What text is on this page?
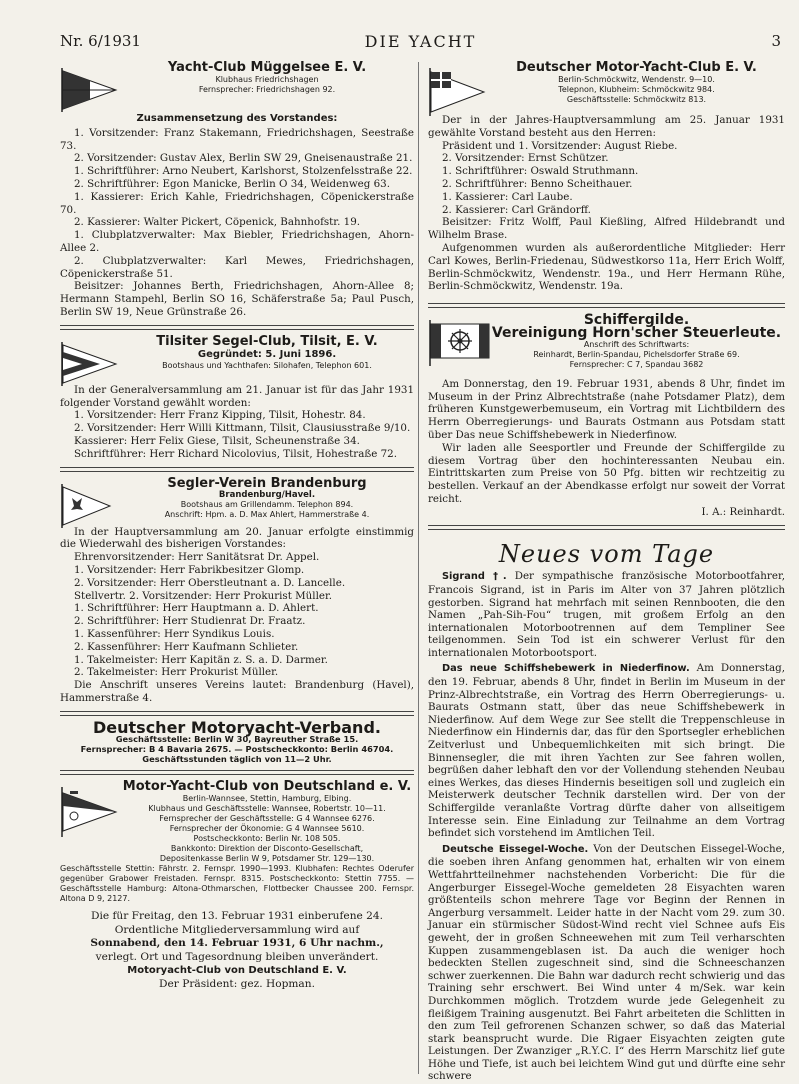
Nr. 6/1931	DIE YACHT	3
Yacht-Club Müggelsee E. V.
Klubhaus Friedrichshagen
Fernsprecher: Friedrichshagen 92.
Zusammensetzung des Vorstandes:

1. Vorsitzender: Franz Stakemann, Friedrichshagen, Seestraße 73.

2. Vorsitzender: Gustav Alex, Berlin SW 29, Gneisenaustraße 21.

1. Schriftführer: Arno Neubert, Karlshorst, Stolzenfelsstraße 22.

2. Schriftführer: Egon Manicke, Berlin O 34, Weidenweg 63.

1. Kassierer: Erich Kahle, Friedrichshagen, Cöpenickerstraße 70.

2. Kassierer: Walter Pickert, Cöpenick, Bahnhofstr. 19.

1. Clubplatzverwalter: Max Biebler, Friedrichshagen, Ahorn-Allee 2.

2. Clubplatzverwalter: Karl Mewes, Friedrichshagen, Cöpenickerstraße 51.

Beisitzer: Johannes Berth, Friedrichshagen, Ahorn-Allee 8; Hermann Stampehl, Berlin SO 16, Schäferstraße 5a; Paul Pusch, Berlin SW 19, Neue Grünstraße 26.

Tilsiter Segel-Club, Tilsit, E. V.
Gegründet: 5. Juni 1896.
Bootshaus und Yachthafen: Silohafen, Telephon 601.

In der Generalversammlung am 21. Januar ist für das Jahr 1931 folgender Vorstand gewählt worden:

1. Vorsitzender: Herr Franz Kipping, Tilsit, Hohestr. 84.

2. Vorsitzender: Herr Willi Kittmann, Tilsit, Clausiusstraße 9/10.

Kassierer: Herr Felix Giese, Tilsit, Scheunenstraße 34.

Schriftführer: Herr Richard Nicolovius, Tilsit, Hohestraße 72.

Segler-Verein Brandenburg
Brandenburg/Havel.
Bootshaus am Grillendamm. Telephon 894.
Anschrift: Hpm. a. D. Max Ahlert, Hammerstraße 4.

In der Hauptversammlung am 20. Januar erfolgte einstimmig die Wiederwahl des bisherigen Vorstandes:

Ehrenvorsitzender: Herr Sanitätsrat Dr. Appel.

1. Vorsitzender: Herr Fabrikbesitzer Glomp.

2. Vorsitzender: Herr Oberstleutnant a. D. Lancelle.

Stellvertr. 2. Vorsitzender: Herr Prokurist Müller.

1. Schriftführer: Herr Hauptmann a. D. Ahlert.

2. Schriftführer: Herr Studienrat Dr. Fraatz.

1. Kassenführer: Herr Syndikus Louis.

2. Kassenführer: Herr Kaufmann Schlieter.

1. Takelmeister: Herr Kapitän z. S. a. D. Darmer.

2. Takelmeister: Herr Prokurist Müller.

Die Anschrift unseres Vereins lautet: Brandenburg (Havel), Hammerstraße 4.

Deutscher Motoryacht-Verband.
Geschäftsstelle: Berlin W 30, Bayreuther Straße 15.
Fernsprecher: B 4 Bavaria 2675. — Postscheckkonto: Berlin 46704.
Geschäftsstunden täglich von 11—2 Uhr.
Motor-Yacht-Club von Deutschland e. V.
Berlin-Wannsee, Stettin, Hamburg, Elbing.
Klubhaus und Geschäftsstelle: Wannsee, Robertstr. 10—11.
Fernsprecher der Geschäftsstelle: G 4 Wannsee 6276.
Fernsprecher der Ökonomie: G 4 Wannsee 5610.
Postscheckkonto: Berlin Nr. 108 505.
Bankkonto: Direktion der Disconto-Gesellschaft,
Depositenkasse Berlin W 9, Potsdamer Str. 129—130.
Geschäftsstelle Stettin: Fährstr. 2. Fernspr. 1990—1993. Klubhafen: Rechtes Oderufer gegenüber Grabower Freistaden. Fernspr. 8315. Postscheckkonto: Stettin 7755. — Geschäftsstelle Hamburg: Altona-Othmarschen, Flottbecker Chaussee 200. Fernspr. Altona D 9, 2127.

Die für Freitag, den 13. Februar 1931 einberufene 24. Ordentliche Mitgliederversammlung wird auf

Sonnabend, den 14. Februar 1931, 6 Uhr nachm.,

verlegt. Ort und Tagesordnung bleiben unverändert.

Motoryacht-Club von Deutschland E. V.

Der Präsident: gez. Hopman.

Deutscher Motor-Yacht-Club E. V.
Berlin-Schmöckwitz, Wendenstr. 9—10.
Telepnon, Klubheim: Schmöckwitz 984.
Geschäftsstelle: Schmöckwitz 813.

Der in der Jahres-Hauptversammlung am 25. Januar 1931 gewählte Vorstand besteht aus den Herren:

Präsident und 1. Vorsitzender: August Riebe.

2. Vorsitzender: Ernst Schützer.

1. Schriftführer: Oswald Struthmann.

2. Schriftführer: Benno Scheithauer.

1. Kassierer: Carl Laube.

2. Kassierer: Carl Grändorff.

Beisitzer: Fritz Wolff, Paul Kießling, Alfred Hildebrandt und Wilhelm Brase.

Aufgenommen wurden als außerordentliche Mitglieder: Herr Carl Kowes, Berlin-Friedenau, Südwestkorso 11a, Herr Erich Wolff, Berlin-Schmöckwitz, Wendenstr. 19a., und Herr Hermann Rühe, Berlin-Schmöckwitz, Wendenstr. 19a.

Schiffergilde.
Vereinigung Horn'scher Steuerleute.
Anschrift des Schriftwarts:
Reinhardt, Berlin-Spandau, Pichelsdorfer Straße 69.
Fernsprecher: C 7, Spandau 3682

Am Donnerstag, den 19. Februar 1931, abends 8 Uhr, findet im Museum in der Prinz Albrechtstraße (nahe Potsdamer Platz), dem früheren Kunstgewerbemuseum, ein Vortrag mit Lichtbildern des Herrn Oberregierungs- und Baurats Ostmann aus Potsdam statt über Das neue Schiffshebewerk in Niederfinow.

Wir laden alle Seesportler und Freunde der Schiffergilde zu diesem Vortrag über den hochinteressanten Neubau ein. Eintrittskarten zum Preise von 50 Pfg. bitten wir rechtzeitig zu bestellen. Verkauf an der Abendkasse erfolgt nur soweit der Vorrat reicht.

I. A.: Reinhardt.

Neues vom Tage

Sigrand †. Der sympathische französische Motorbootfahrer, Francois Sigrand, ist in Paris im Alter von 37 Jahren plötzlich gestorben. Sigrand hat mehrfach mit seinen Rennbooten, die den Namen „Pah-Sih-Fou“ trugen, mit großem Erfolg an den internationalen Motorbootrennen auf dem Templiner See teilgenommen. Sein Tod ist ein schwerer Verlust für den internationalen Motorbootsport.

Das neue Schiffshebewerk in Niederfinow. Am Donnerstag, den 19. Februar, abends 8 Uhr, findet in Berlin im Museum in der Prinz-Albrechtstraße, ein Vortrag des Herrn Oberregierungs- u. Baurats Ostmann statt, über das neue Schiffshebewerk in Niederfinow. Auf dem Wege zur See stellt die Treppenschleuse in Niederfinow ein Hindernis dar, das für den Sportsegler erheblichen Zeitverlust und Unbequemlichkeiten mit sich bringt. Die Binnensegler, die mit ihren Yachten zur See fahren wollen, begrüßen daher lebhaft den vor der Vollendung stehenden Neubau eines Werkes, das dieses Hindernis beseitigen soll und zugleich ein Meisterwerk deutscher Technik darstellen wird. Der von der Schiffergilde veranlaßte Vortrag dürfte daher von allseitigem Interesse sein. Eine Einladung zur Teilnahme an dem Vortrag befindet sich vorstehend im Amtlichen Teil.

Deutsche Eissegel-Woche. Von der Deutschen Eissegel-Woche, die soeben ihren Anfang genommen hat, erhalten wir von einem Wettfahrtteilnehmer nachstehenden Vorbericht: Die für die Angerburger Eissegel-Woche gemeldeten 28 Eisyachten waren größtenteils schon mehrere Tage vor Beginn der Rennen in Angerburg versammelt. Leider hatte in der Nacht vom 29. zum 30. Januar ein stürmischer Südost-Wind recht viel Schnee aufs Eis geweht, der in großen Schneewehen mit zum Teil verharschten Kuppen zusammengeblasen ist. Da auch die weniger hoch bedeckten Stellen zugeschneit sind, sind die Schneeschanzen schwer zuerkennen. Die Bahn war dadurch recht schwierig und das Training sehr erschwert. Bei Wind unter 4 m/Sek. war kein Durchkommen möglich. Trotzdem wurde jede Gelegenheit zu fleißigem Training ausgenutzt. Bei Fahrt arbeiteten die Schlitten in den zum Teil gefrorenen Schanzen schwer, so daß das Material stark beansprucht wurde. Die Rigaer Eisyachten zeigten gute Leistungen. Der Zwanziger „R.Y.C. I“ des Herrn Marschitz lief gute Höhe und Tiefe, ist auch bei leichtem Wind gut und dürfte eine sehr schwere
